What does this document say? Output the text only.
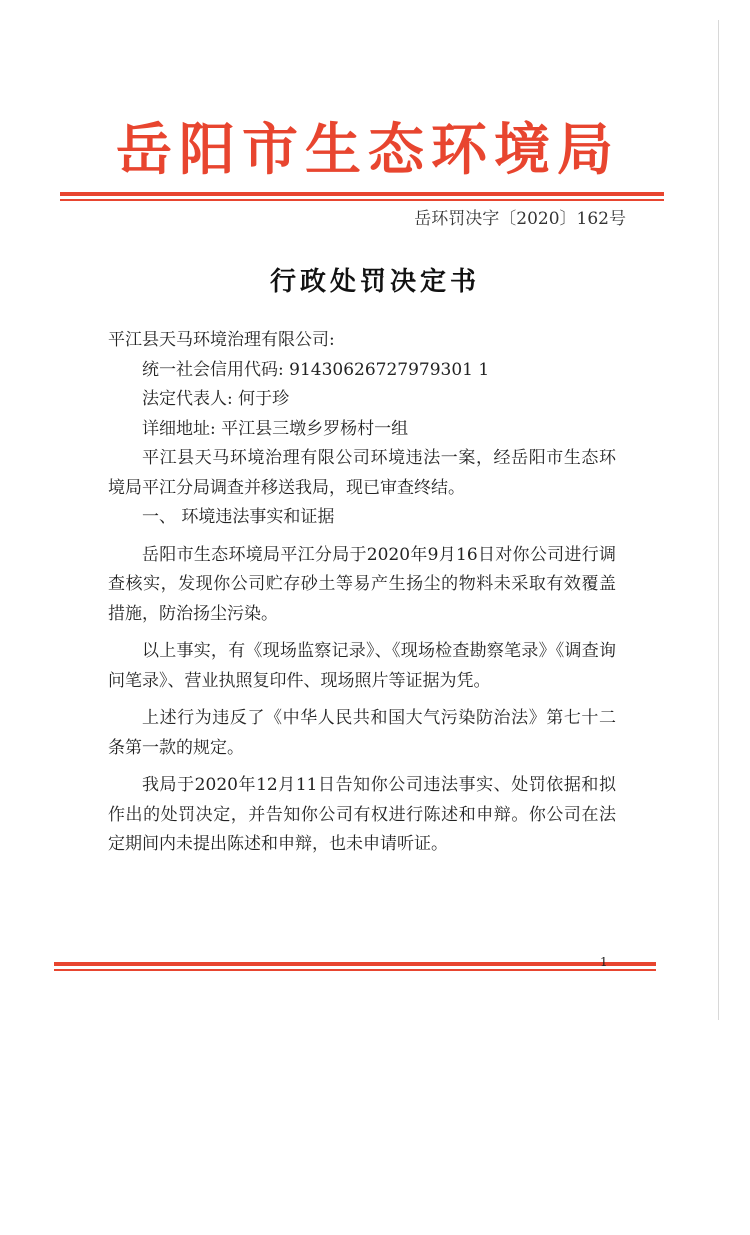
岳阳市生态环境局
岳环罚决字〔2020〕162号
行政处罚决定书

平江县天马环境治理有限公司:

统一社会信用代码: 91430626727979301 1

法定代表人: 何于珍

详细地址: 平江县三墩乡罗杨村一组

平江县天马环境治理有限公司环境违法一案，经岳阳市生态环境局平江分局调查并移送我局，现已审查终结。

一、 环境违法事实和证据

岳阳市生态环境局平江分局于2020年9月16日对你公司进行调查核实，发现你公司贮存砂土等易产生扬尘的物料未采取有效覆盖措施，防治扬尘污染。

以上事实，有《现场监察记录》、《现场检查勘察笔录》《调查询问笔录》、营业执照复印件、现场照片等证据为凭。

上述行为违反了《中华人民共和国大气污染防治法》第七十二条第一款的规定。

我局于2020年12月11日告知你公司违法事实、处罚依据和拟作出的处罚决定，并告知你公司有权进行陈述和申辩。你公司在法定期间内未提出陈述和申辩，也未申请听证。

1
